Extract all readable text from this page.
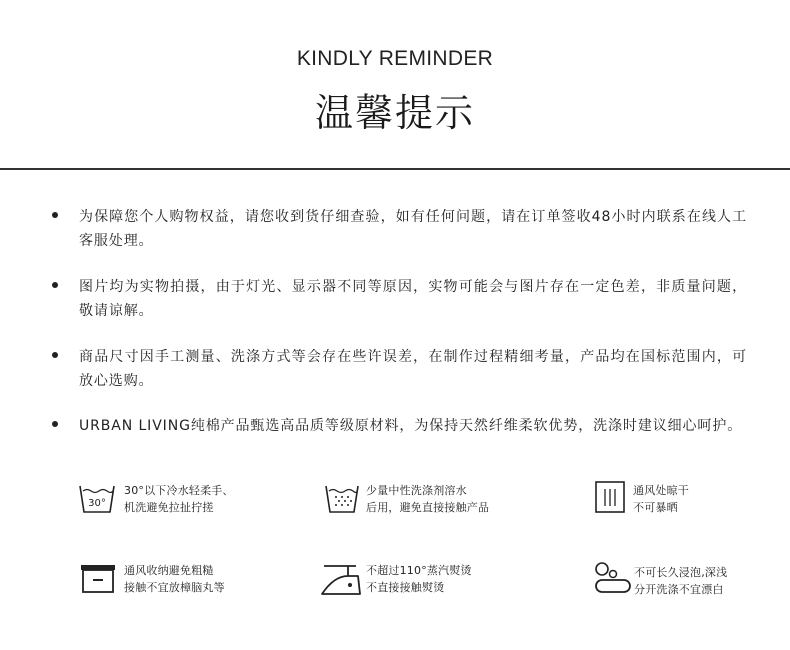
KINDLY REMINDER
温馨提示
为保障您个人购物权益，请您收到货仔细查验，如有任何问题，请在订单签收48小时内联系在线人工客服处理。
图片均为实物拍摄，由于灯光、显示器不同等原因，实物可能会与图片存在一定色差，非质量问题，敬请谅解。
商品尺寸因手工测量、洗涤方式等会存在些许误差，在制作过程精细考量，产品均在国标范围内，可放心选购。
URBAN LIVING纯棉产品甄选高品质等级原材料，为保持天然纤维柔软优势，洗涤时建议细心呵护。
30°
30°以下冷水轻柔手、
机洗避免拉扯拧搓
少量中性洗涤剂溶水
后用，避免直接接触产品
通风处晾干
不可暴晒
通风收纳避免粗糙
接触不宜放樟脑丸等
不超过110°蒸汽熨烫
不直接接触熨烫
不可长久浸泡,深浅
分开洗涤不宜漂白
